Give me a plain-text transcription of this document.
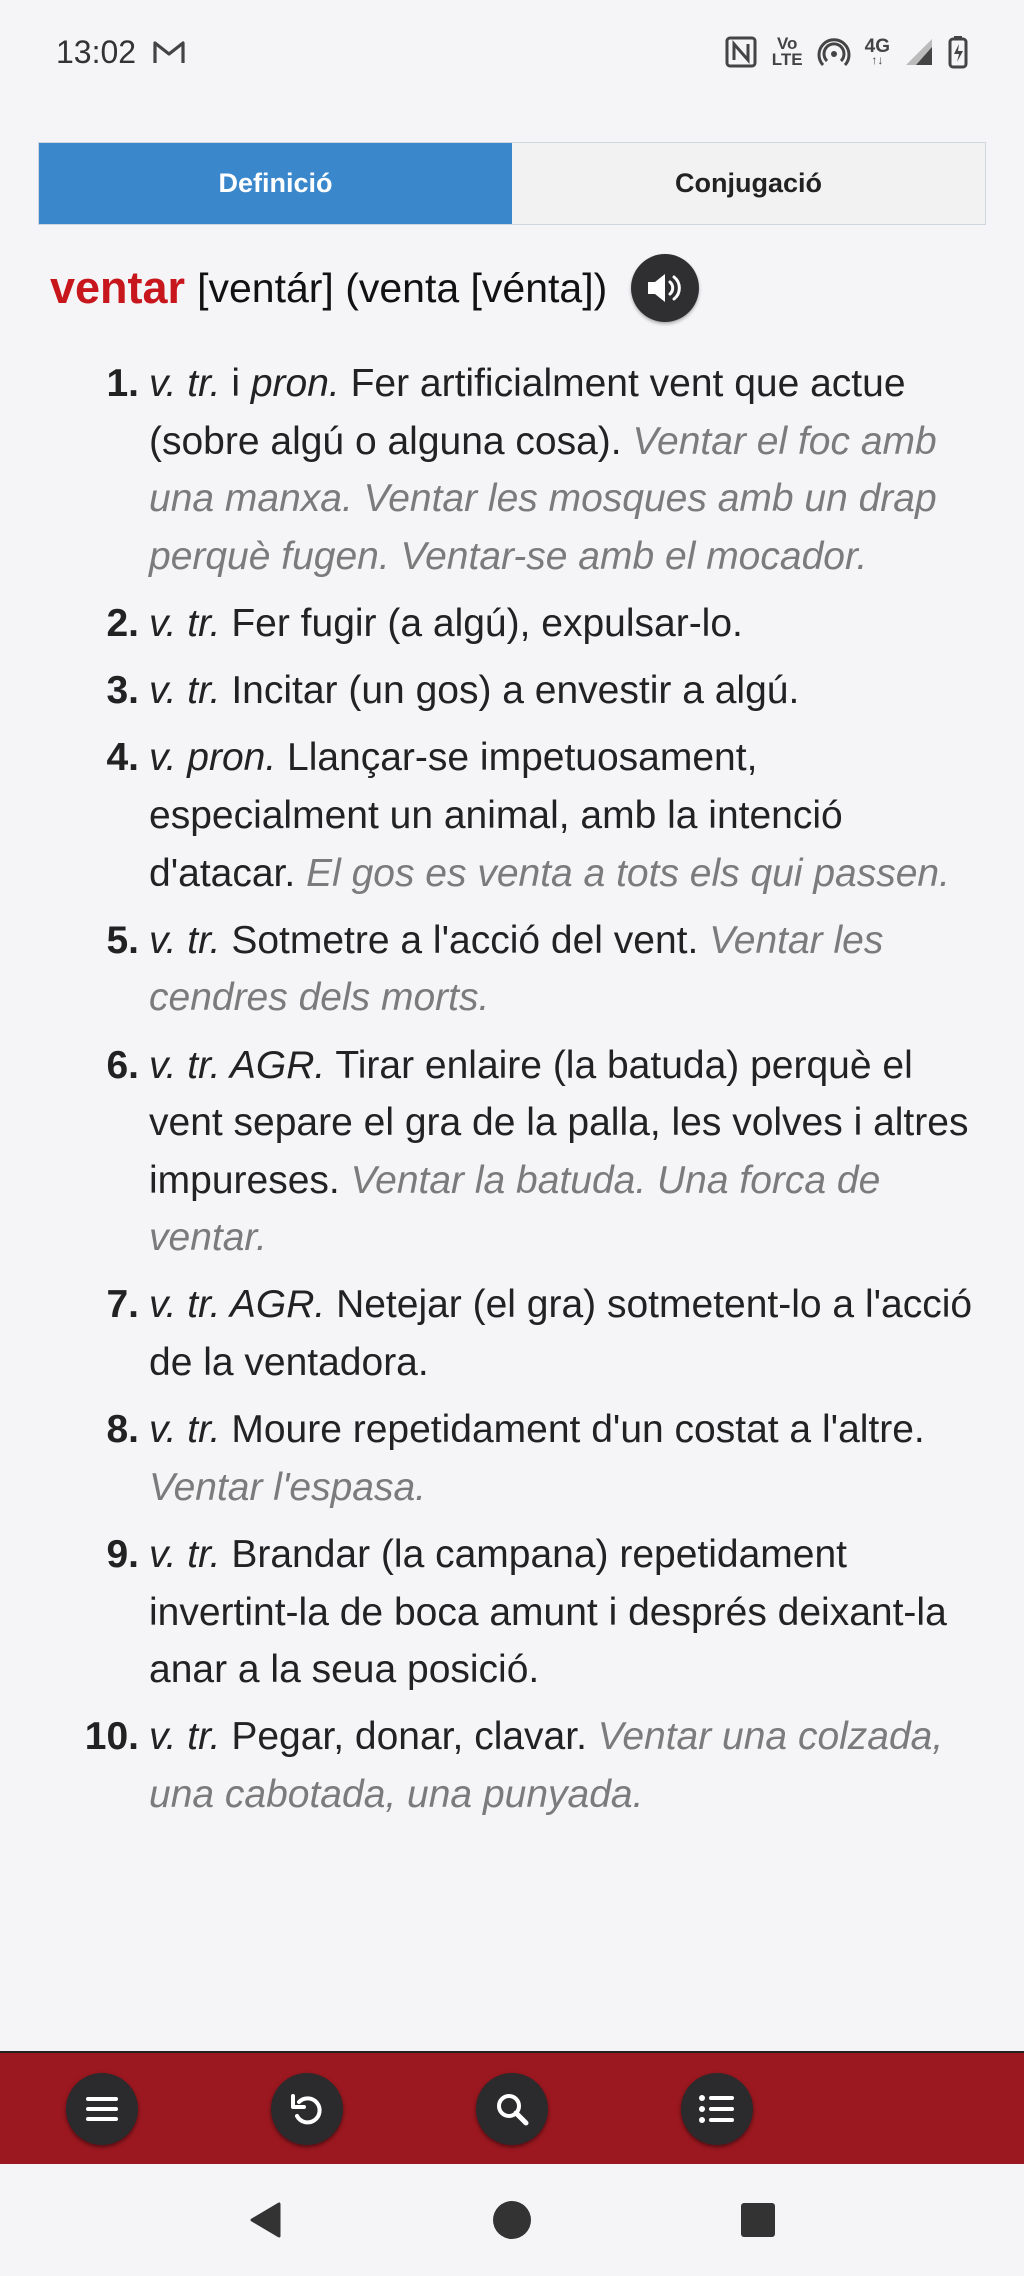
13:02	Vo
LTE
4G
↑↓
Definició	Conjugació
ventar [ventár] (venta [vénta])
1. v. tr. i pron. Fer artificialment vent que actue (sobre algú o alguna cosa). Ventar el foc amb una manxa. Ventar les mosques amb un drap perquè fugen. Ventar-se amb el mocador.
2. v. tr. Fer fugir (a algú), expulsar-lo.
3. v. tr. Incitar (un gos) a envestir a algú.
4. v. pron. Llançar-se impetuosament, especialment un animal, amb la intenció d'atacar. El gos es venta a tots els qui passen.
5. v. tr. Sotmetre a l'acció del vent. Ventar les cendres dels morts.
6. v. tr. AGR. Tirar enlaire (la batuda) perquè el vent separe el gra de la palla, les volves i altres impureses. Ventar la batuda. Una forca de ventar.
7. v. tr. AGR. Netejar (el gra) sotmetent-lo a l'acció de la ventadora.
8. v. tr. Moure repetidament d'un costat a l'altre. Ventar l'espasa.
9. v. tr. Brandar (la campana) repetidament invertint-la de boca amunt i després deixant-la anar a la seua posició.
10. v. tr. Pegar, donar, clavar. Ventar una colzada, una cabotada, una punyada.
